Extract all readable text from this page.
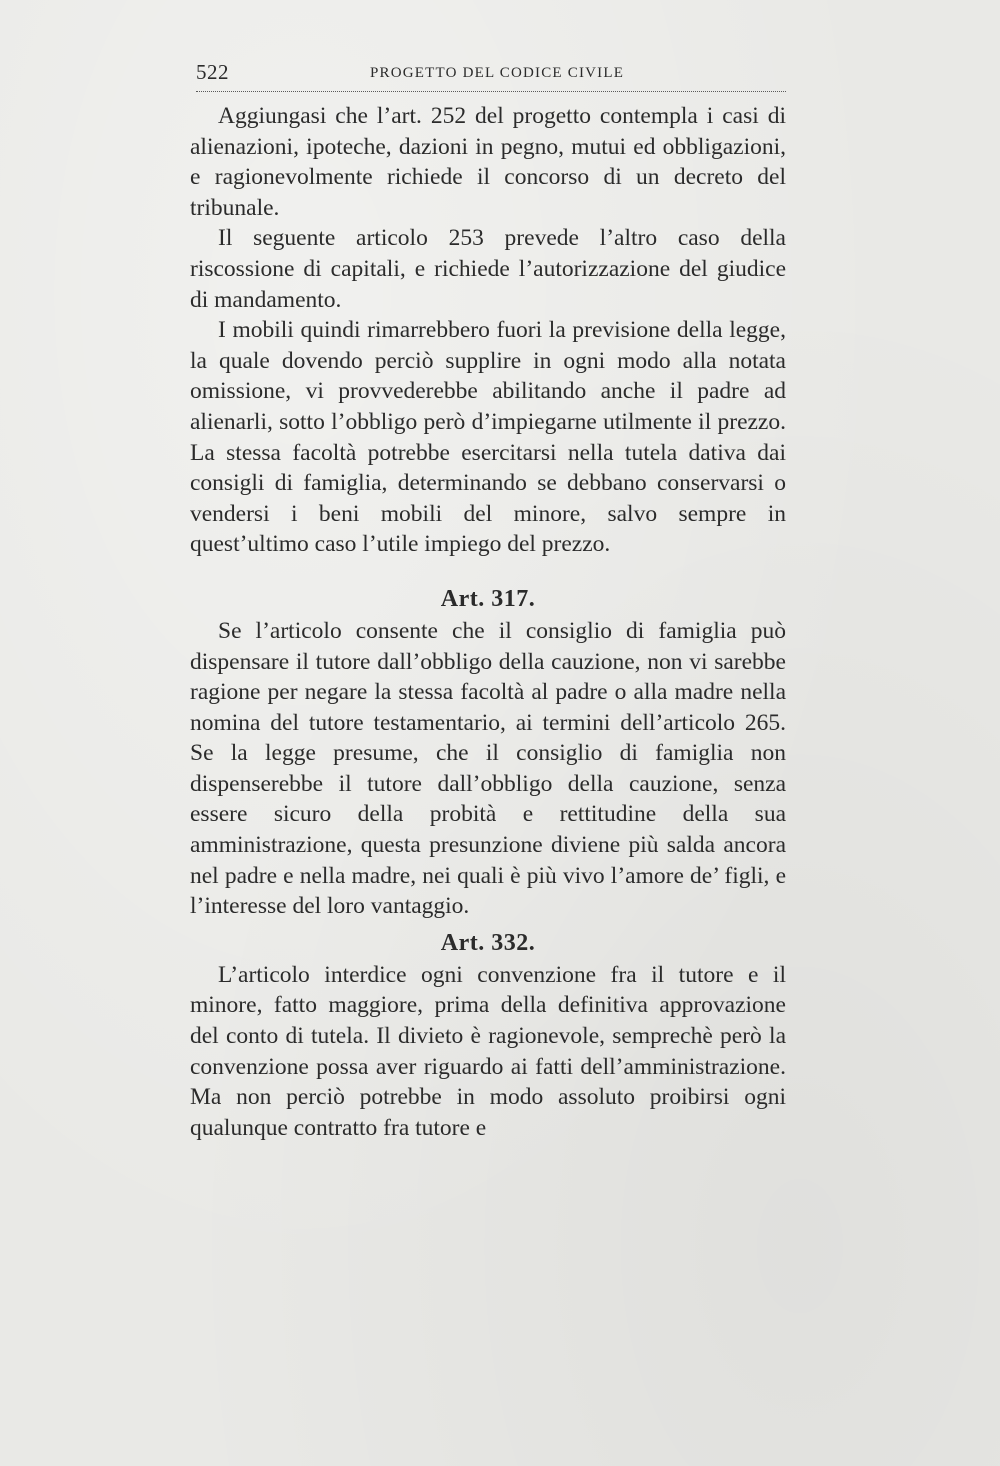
522	PROGETTO DEL CODICE CIVILE

Aggiungasi che l’art. 252 del progetto contempla i casi di alienazioni, ipoteche, dazioni in pegno, mutui ed obbligazioni, e ragionevolmente richiede il concorso di un decreto del tribunale.

Il seguente articolo 253 prevede l’altro caso della riscossione di capitali, e richiede l’autorizzazione del giudice di mandamento.

I mobili quindi rimarrebbero fuori la previsione della legge, la quale dovendo perciò supplire in ogni modo alla notata omissione, vi provvederebbe abilitando anche il padre ad alienarli, sotto l’obbligo però d’impiegarne utilmente il prezzo. La stessa facoltà potrebbe esercitarsi nella tutela dativa dai consigli di famiglia, determinando se debbano conservarsi o vendersi i beni mobili del minore, salvo sempre in quest’ultimo caso l’utile impiego del prezzo.

Art. 317.

Se l’articolo consente che il consiglio di famiglia può dispensare il tutore dall’obbligo della cauzione, non vi sarebbe ragione per negare la stessa facoltà al padre o alla madre nella nomina del tutore testamentario, ai termini dell’articolo 265. Se la legge presume, che il consiglio di famiglia non dispenserebbe il tutore dall’obbligo della cauzione, senza essere sicuro della probità e rettitudine della sua amministrazione, questa presunzione diviene più salda ancora nel padre e nella madre, nei quali è più vivo l’amore de’ figli, e l’interesse del loro vantaggio.

Art. 332.

L’articolo interdice ogni convenzione fra il tutore e il minore, fatto maggiore, prima della definitiva approvazione del conto di tutela. Il divieto è ragionevole, semprechè però la convenzione possa aver riguardo ai fatti dell’amministrazione. Ma non perciò potrebbe in modo assoluto proibirsi ogni qualunque contratto fra tutore e
